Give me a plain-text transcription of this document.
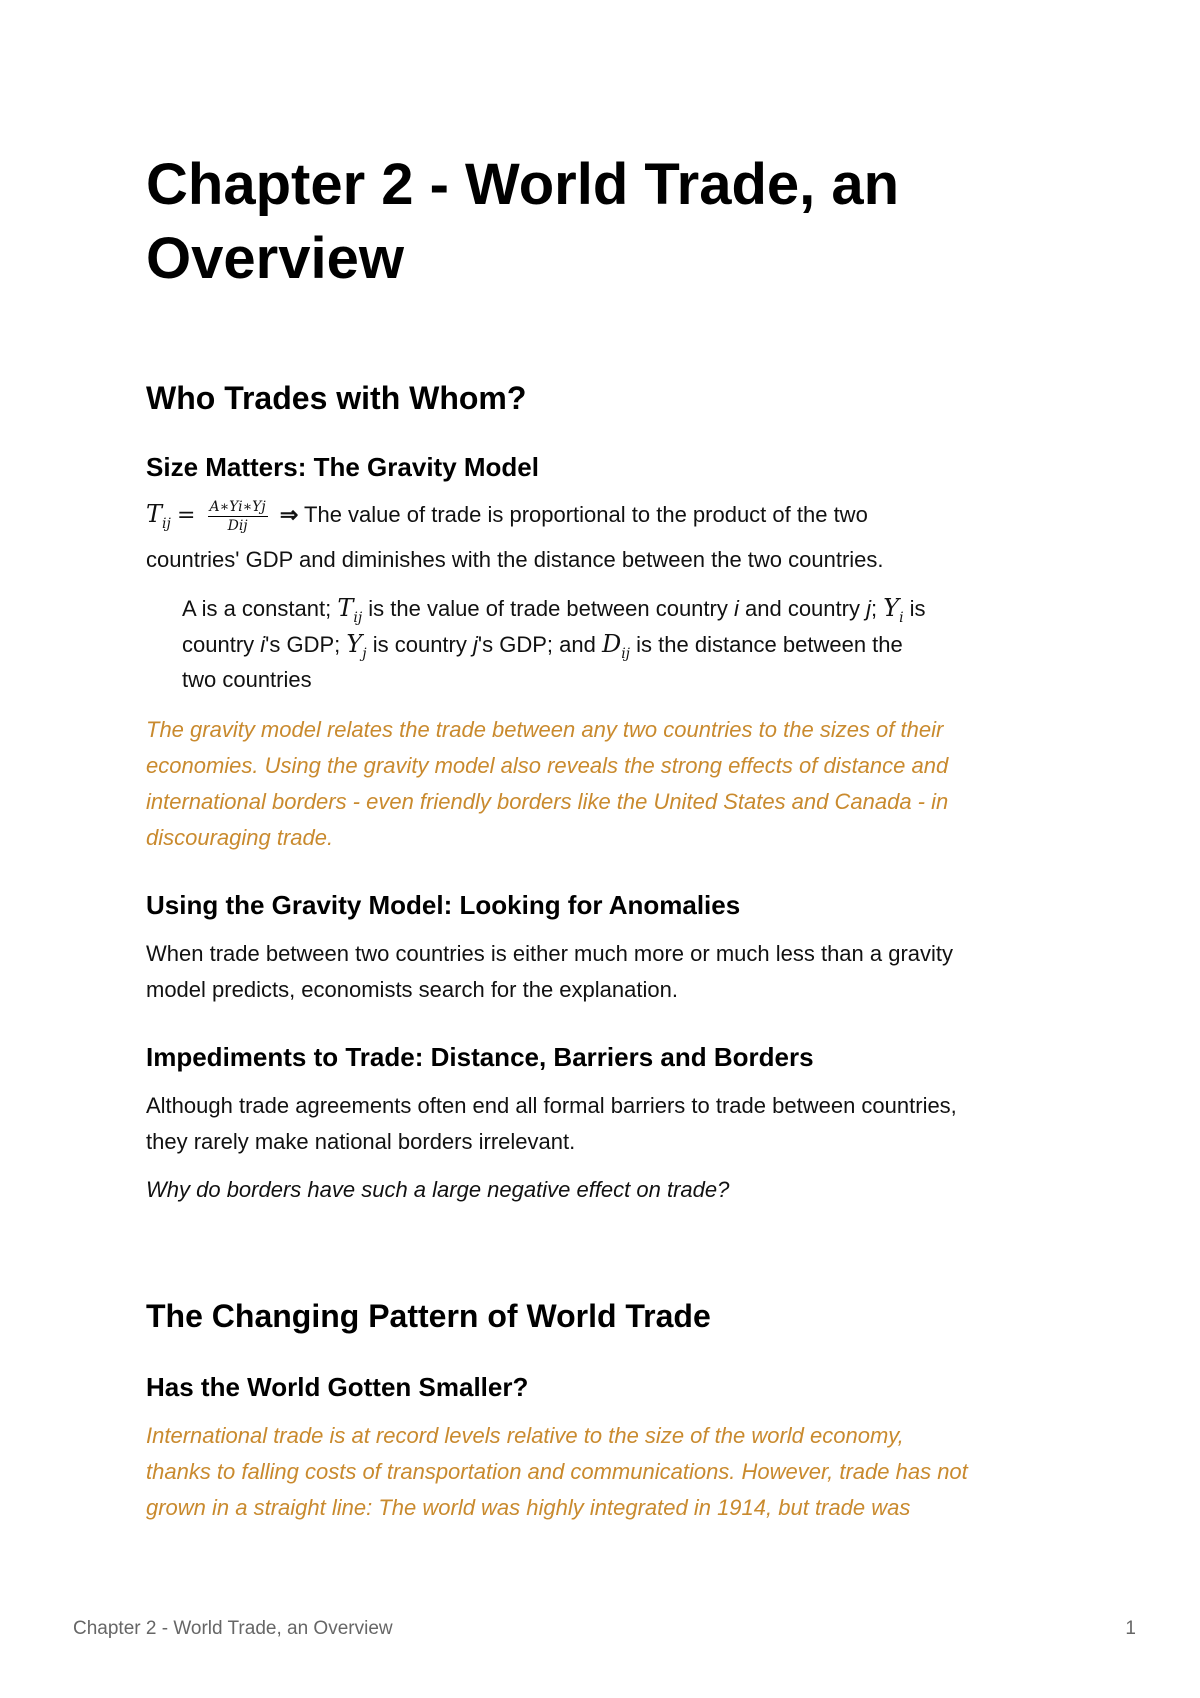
Chapter 2 - World Trade, an Overview
Who Trades with Whom?
Size Matters: The Gravity Model

$T_{ij} = \frac{A∗Yi∗Yj}{\text{Dij}}$ ⇒ The value of trade is proportional to the product of the two

countries' GDP and diminishes with the distance between the two countries.

A is a constant; $T_{ij}$ is the value of trade between country i and country j; $Y_i$ is

country i's GDP; $Y_j$ is country j's GDP; and $D_{ij}$ is the distance between the

two countries

The gravity model relates the trade between any two countries to the sizes of their

economies. Using the gravity model also reveals the strong effects of distance and

international borders - even friendly borders like the United States and Canada - in

discouraging trade.

Using the Gravity Model: Looking for Anomalies

When trade between two countries is either much more or much less than a gravity

model predicts, economists search for the explanation.

Impediments to Trade: Distance, Barriers and Borders

Although trade agreements often end all formal barriers to trade between countries,

they rarely make national borders irrelevant.

Why do borders have such a large negative effect on trade?

The Changing Pattern of World Trade
Has the World Gotten Smaller?

International trade is at record levels relative to the size of the world economy,

thanks to falling costs of transportation and communications. However, trade has not

grown in a straight line: The world was highly integrated in 1914, but trade was

Chapter 2 - World Trade, an Overview	1
